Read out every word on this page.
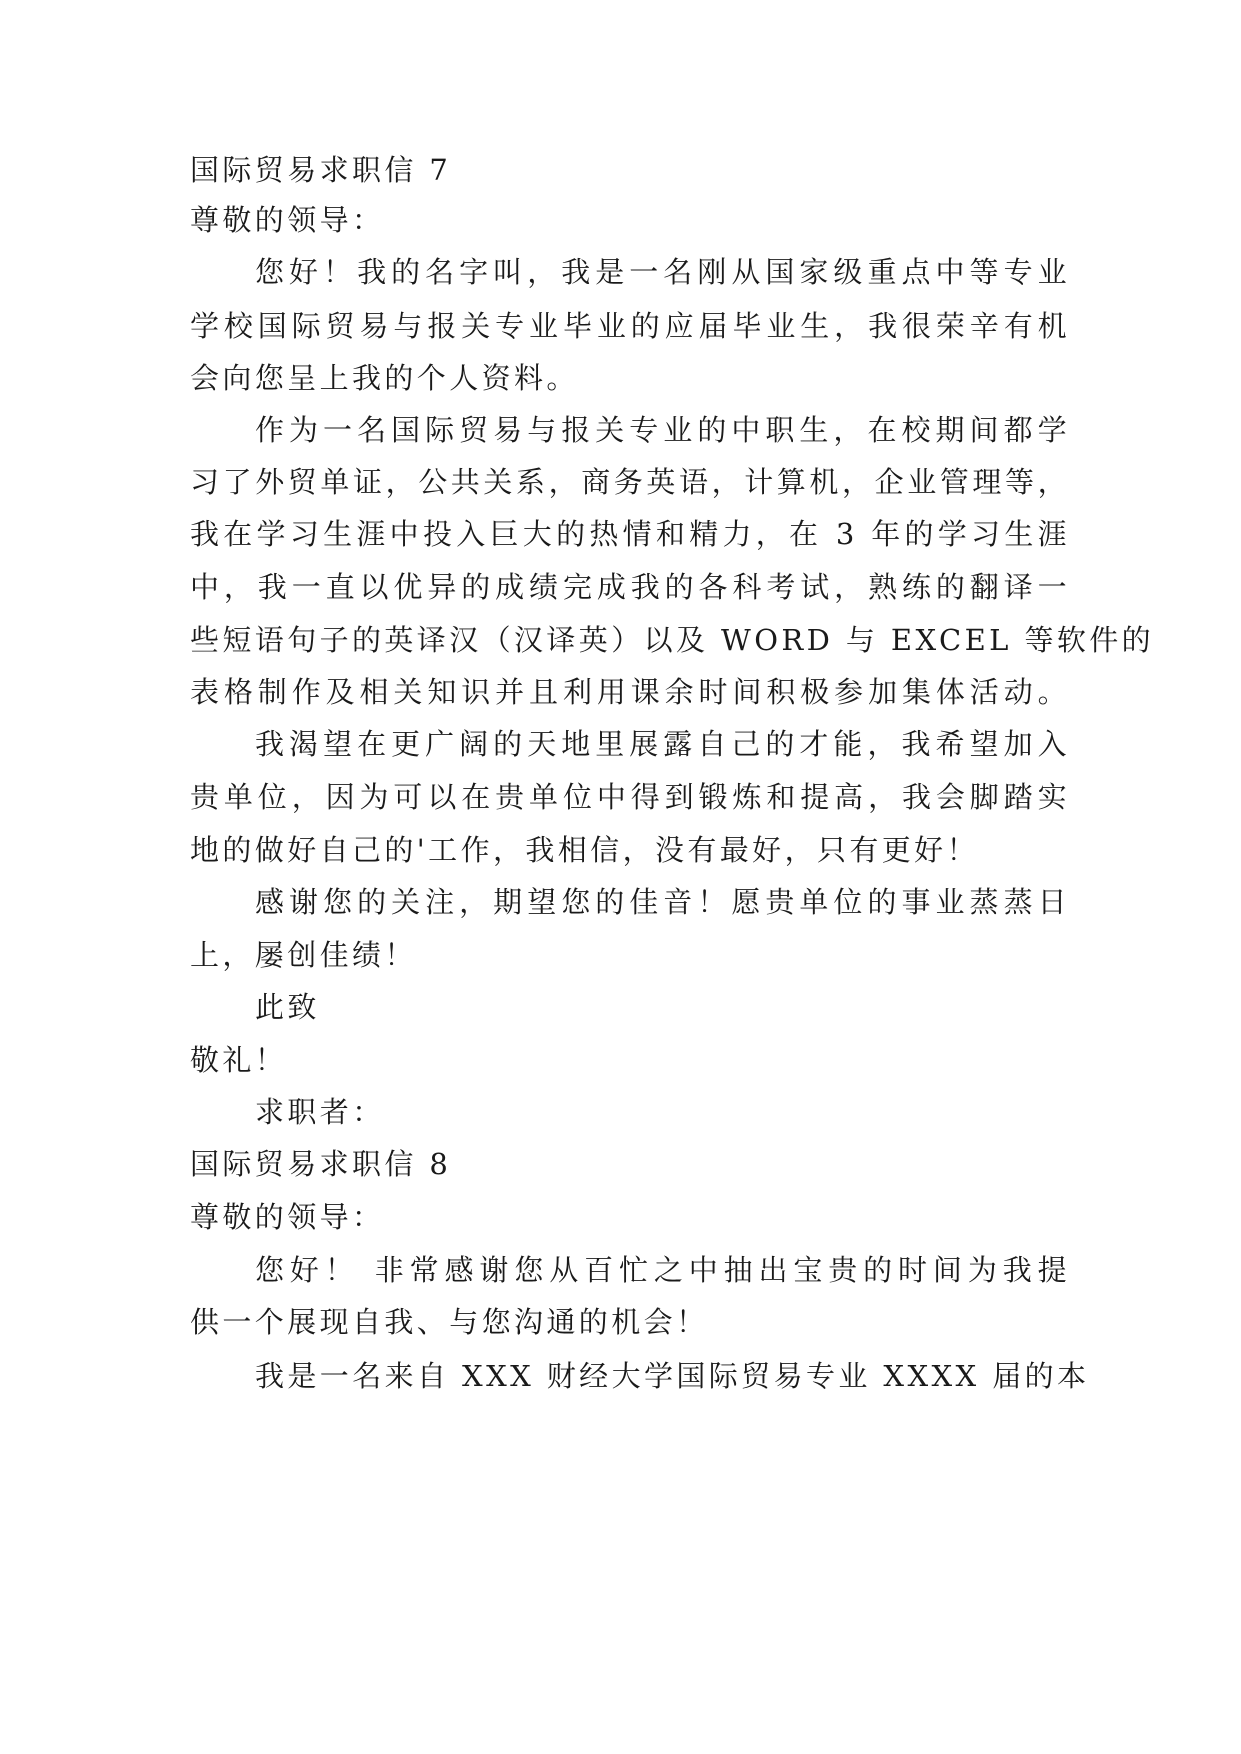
国际贸易求职信 7
尊敬的领导：
您好！我的名字叫，我是一名刚从国家级重点中等专业
学校国际贸易与报关专业毕业的应届毕业生，我很荣辛有机
会向您呈上我的个人资料。
作为一名国际贸易与报关专业的中职生，在校期间都学
习了外贸单证，公共关系，商务英语，计算机，企业管理等，
我在学习生涯中投入巨大的热情和精力，在 3 年的学习生涯
中，我一直以优异的成绩完成我的各科考试，熟练的翻译一
些短语句子的英译汉（汉译英）以及 WORD 与 EXCEL 等软件的
表格制作及相关知识并且利用课余时间积极参加集体活动。
我渴望在更广阔的天地里展露自己的才能，我希望加入
贵单位，因为可以在贵单位中得到锻炼和提高，我会脚踏实
地的做好自己的'工作，我相信，没有最好，只有更好！
感谢您的关注，期望您的佳音！愿贵单位的事业蒸蒸日
上，屡创佳绩！
此致
敬礼！
求职者：
国际贸易求职信 8
尊敬的领导：
您好！ 非常感谢您从百忙之中抽出宝贵的时间为我提
供一个展现自我、与您沟通的机会！
我是一名来自 XXX 财经大学国际贸易专业 XXXX 届的本
